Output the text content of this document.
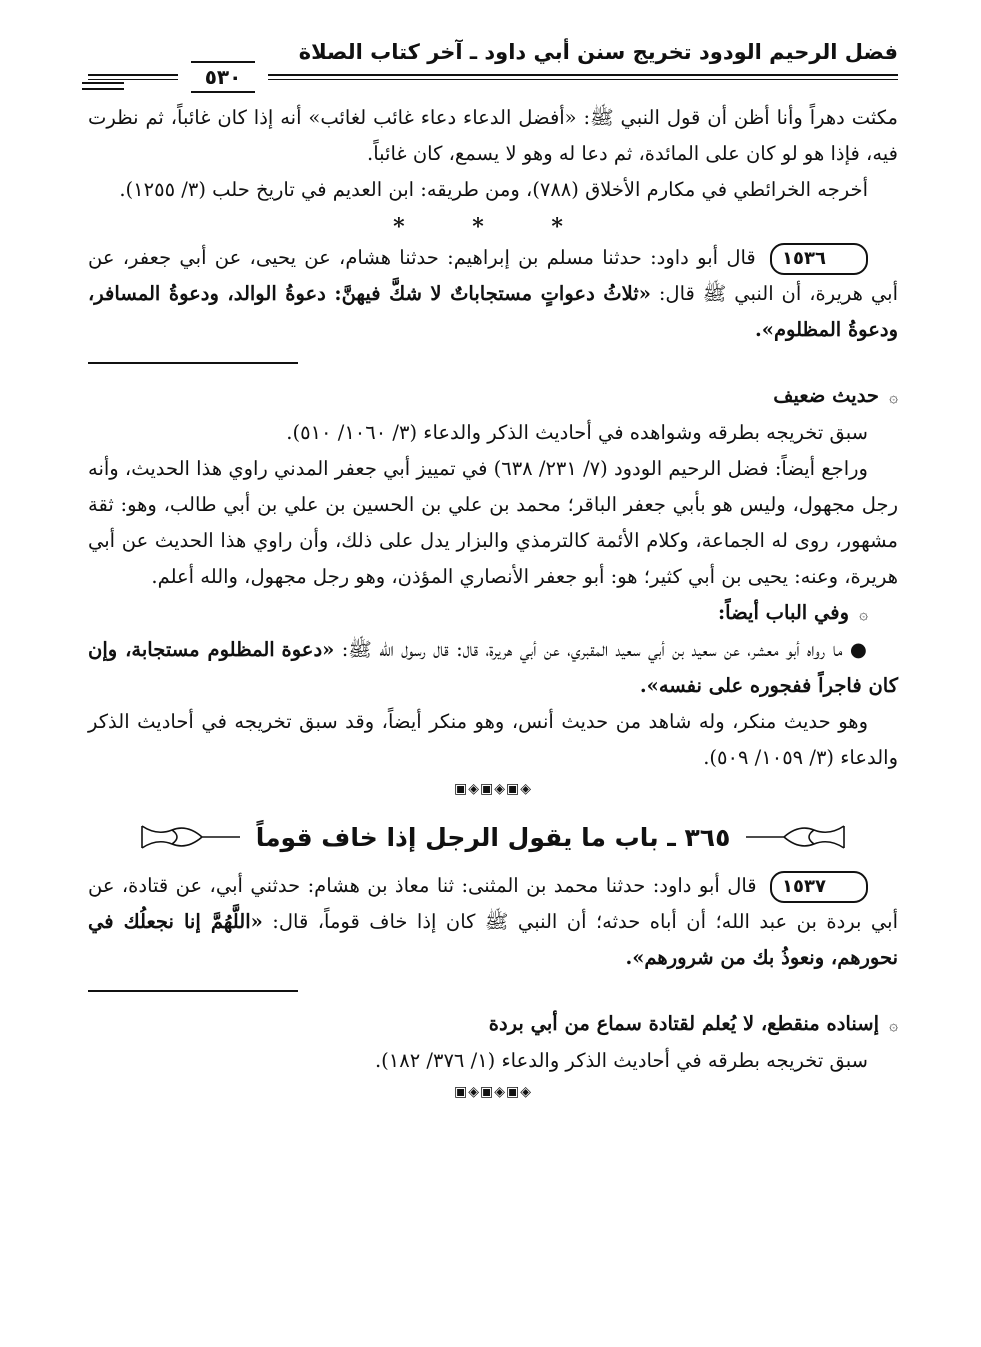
فضل الرحيم الودود تخريج سنن أبي داود ـ آخر كتاب الصلاة
٥٣٠

مكثت دهراً وأنا أظن أن قول النبي ﷺ: «أفضل الدعاء دعاء غائب لغائب» أنه إذا كان غائباً، ثم نظرت فيه، فإذا هو لو كان على المائدة، ثم دعا له وهو لا يسمع، كان غائباً.

أخرجه الخرائطي في مكارم الأخلاق (٧٨٨)، ومن طريقه: ابن العديم في تاريخ حلب (٣/ ١٢٥٥).

* * *

١٥٣٦ قال أبو داود: حدثنا مسلم بن إبراهيم: حدثنا هشام، عن يحيى، عن أبي جعفر، عن أبي هريرة، أن النبي ﷺ قال: «ثلاثُ دعواتٍ مستجاباتٌ لا شكَّ فيهنَّ: دعوةُ الوالد، ودعوةُ المسافر، ودعوةُ المظلوم».

۞ حديث ضعيف

سبق تخريجه بطرقه وشواهده في أحاديث الذكر والدعاء (٣/ ١٠٦٠/ ٥١٠).

وراجع أيضاً: فضل الرحيم الودود (٧/ ٢٣١/ ٦٣٨) في تمييز أبي جعفر المدني راوي هذا الحديث، وأنه رجل مجهول، وليس هو بأبي جعفر الباقر؛ محمد بن علي بن الحسين بن علي بن أبي طالب، وهو: ثقة مشهور، روى له الجماعة، وكلام الأئمة كالترمذي والبزار يدل على ذلك، وأن راوي هذا الحديث عن أبي هريرة، وعنه: يحيى بن أبي كثير؛ هو: أبو جعفر الأنصاري المؤذن، وهو رجل مجهول، والله أعلم.

۞ وفي الباب أيضاً:

● ما رواه أبو معشر، عن سعيد بن أبي سعيد المقبري، عن أبي هريرة، قال: قال رسول الله ﷺ: «دعوة المظلوم مستجابة، وإن كان فاجراً ففجوره على نفسه».

وهو حديث منكر، وله شاهد من حديث أنس، وهو منكر أيضاً، وقد سبق تخريجه في أحاديث الذكر والدعاء (٣/ ١٠٥٩/ ٥٠٩).

◈▣◈▣◈▣
٣٦٥ ـ باب ما يقول الرجل إذا خاف قوماً

١٥٣٧ قال أبو داود: حدثنا محمد بن المثنى: ثنا معاذ بن هشام: حدثني أبي، عن قتادة، عن أبي بردة بن عبد الله؛ أن أباه حدثه؛ أن النبي ﷺ كان إذا خاف قوماً، قال: «اللَّهُمَّ إنا نجعلُك في نحورهم، ونعوذُ بك من شرورهم».

۞ إسناده منقطع، لا يُعلم لقتادة سماع من أبي بردة

سبق تخريجه بطرقه في أحاديث الذكر والدعاء (١/ ٣٧٦/ ١٨٢).

◈▣◈▣◈▣
